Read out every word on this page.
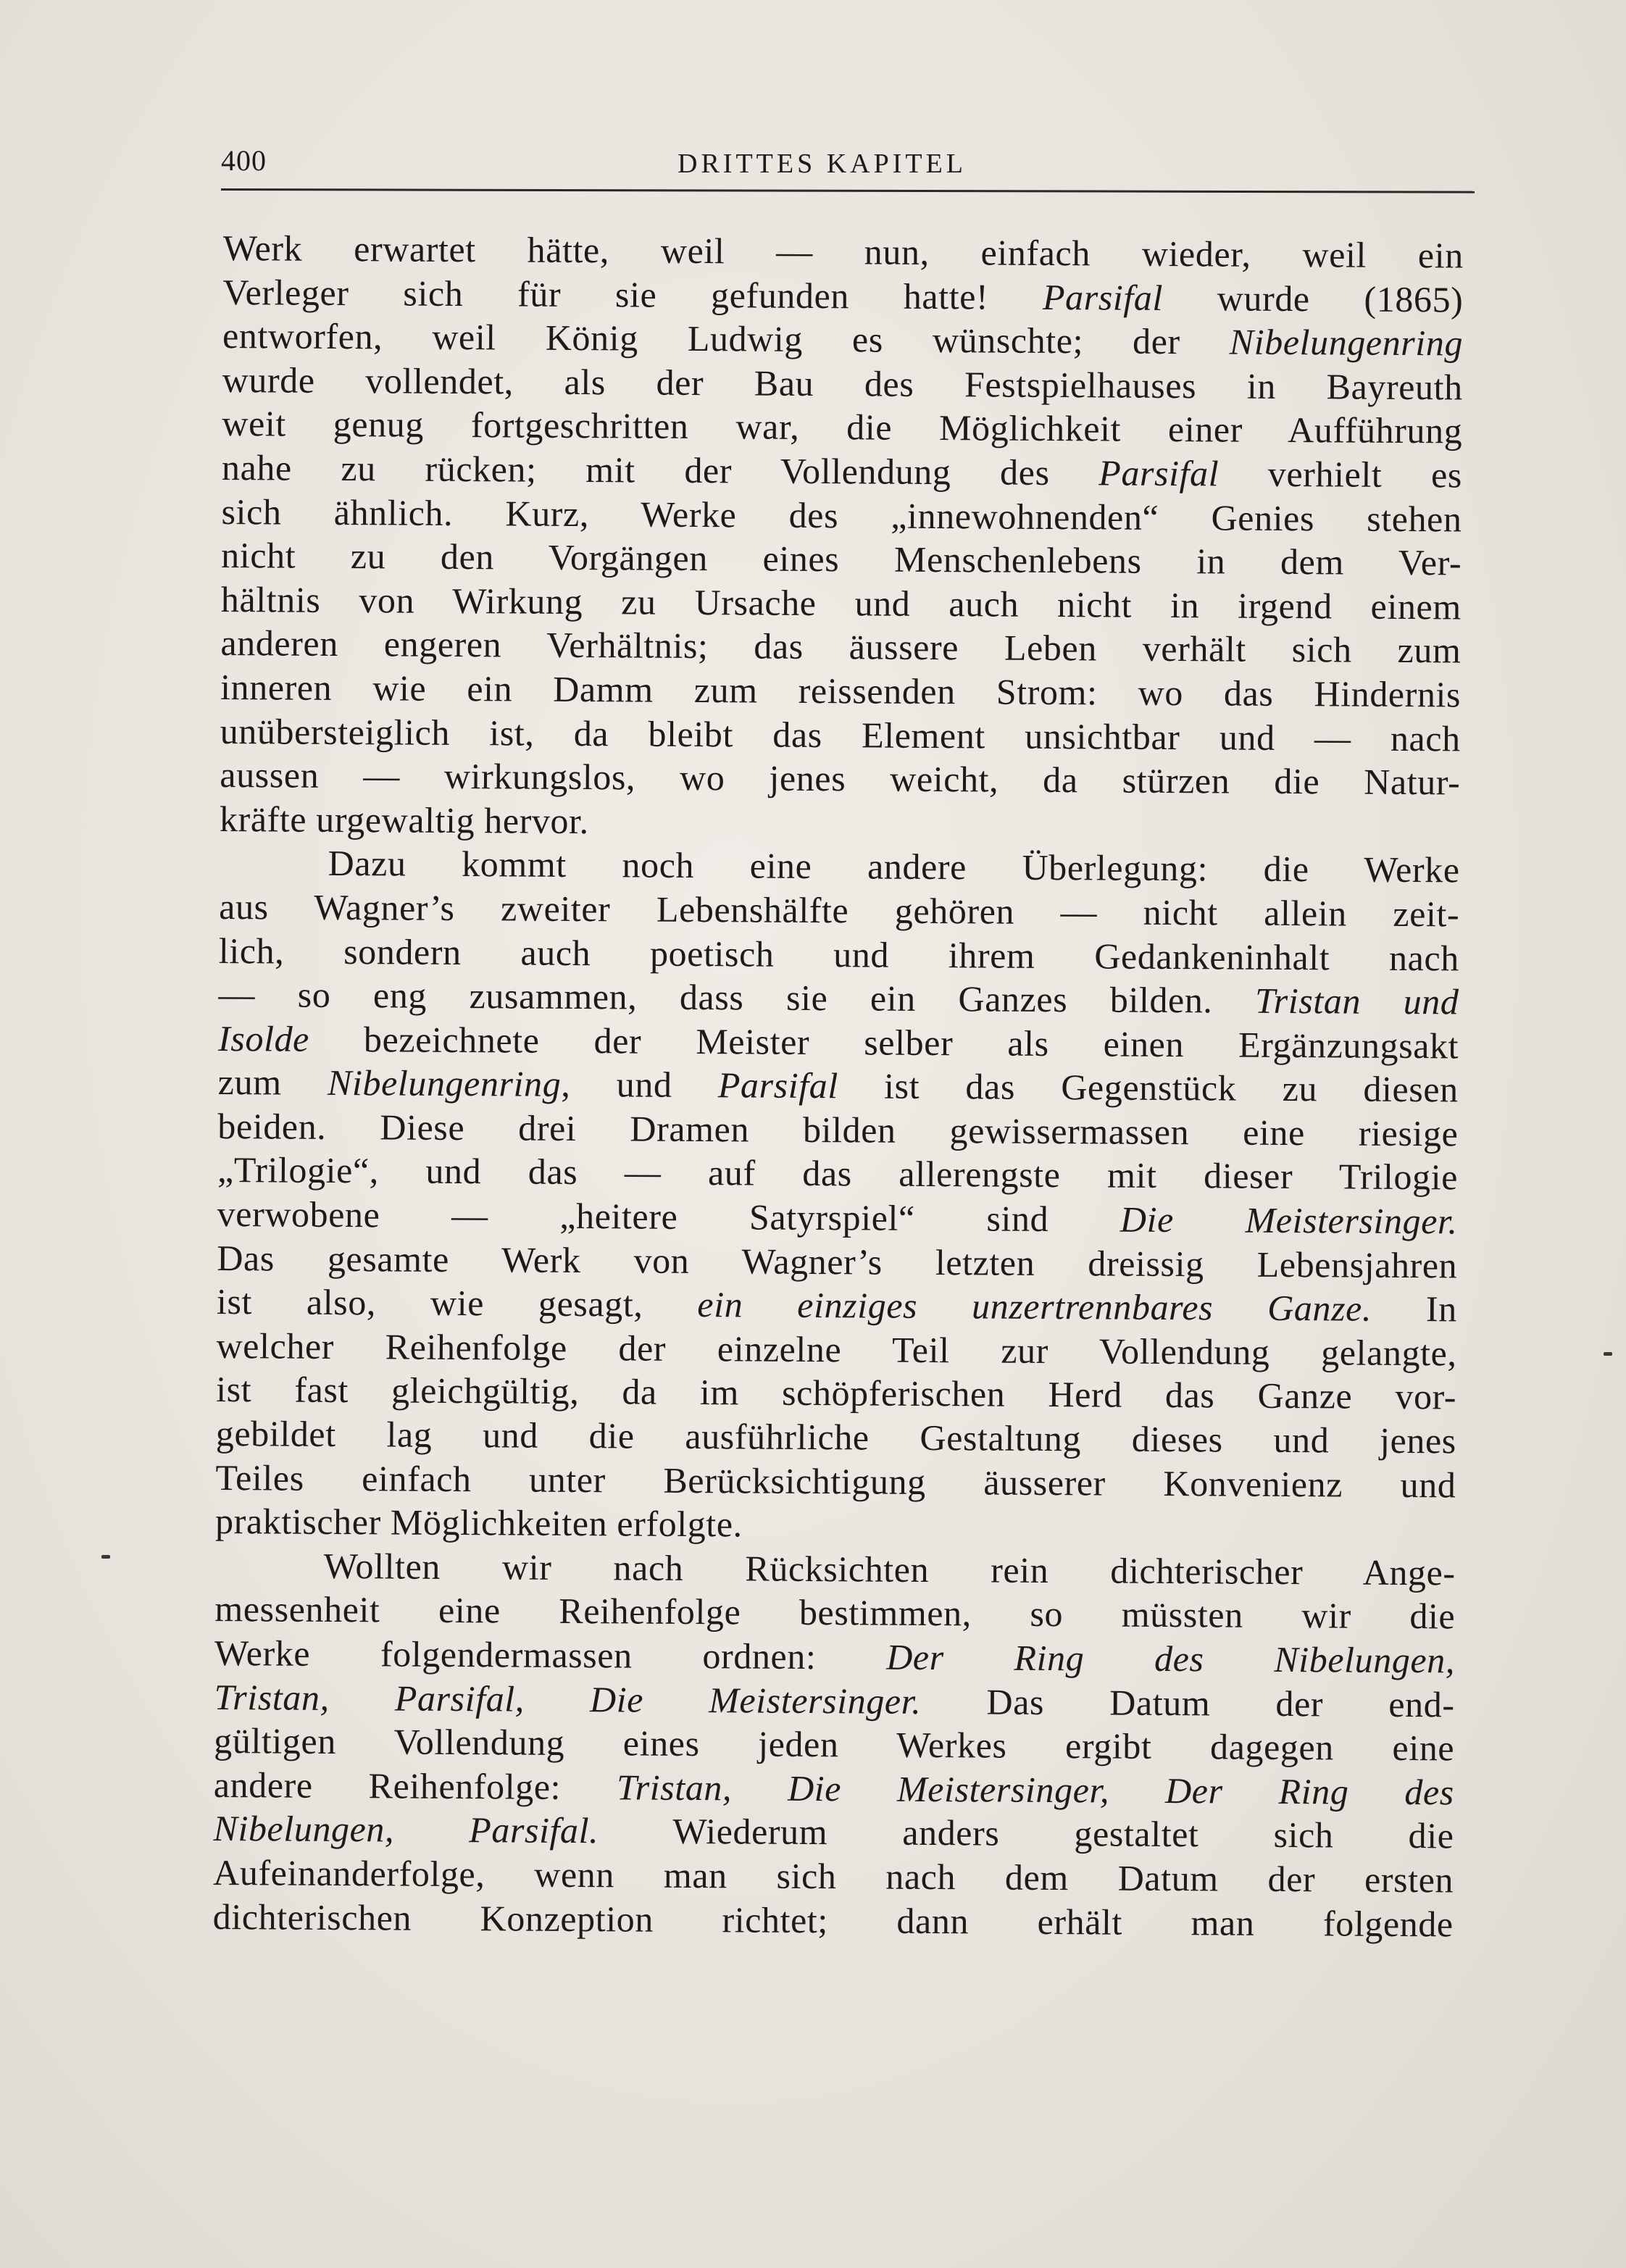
400	DRITTES KAPITEL
Werk erwartet hätte, weil — nun, einfach wieder, weil ein
Verleger sich für sie gefunden hatte! Parsifal wurde (1865)
entworfen, weil König Ludwig es wünschte; der Nibelungenring
wurde vollendet, als der Bau des Festspielhauses in Bayreuth
weit genug fortgeschritten war, die Möglichkeit einer Aufführung
nahe zu rücken; mit der Vollendung des Parsifal verhielt es
sich ähnlich. Kurz, Werke des „innewohnenden“ Genies stehen
nicht zu den Vorgängen eines Menschenlebens in dem Ver-
hältnis von Wirkung zu Ursache und auch nicht in irgend einem
anderen engeren Verhältnis; das äussere Leben verhält sich zum
inneren wie ein Damm zum reissenden Strom: wo das Hindernis
unübersteiglich ist, da bleibt das Element unsichtbar und — nach
aussen — wirkungslos, wo jenes weicht, da stürzen die Natur-
kräfte urgewaltig hervor.
Dazu kommt noch eine andere Überlegung: die Werke
aus Wagner’s zweiter Lebenshälfte gehören — nicht allein zeit-
lich, sondern auch poetisch und ihrem Gedankeninhalt nach
— so eng zusammen, dass sie ein Ganzes bilden. Tristan und
Isolde bezeichnete der Meister selber als einen Ergänzungsakt
zum Nibelungenring, und Parsifal ist das Gegenstück zu diesen
beiden. Diese drei Dramen bilden gewissermassen eine riesige
„Trilogie“, und das — auf das allerengste mit dieser Trilogie
verwobene — „heitere Satyrspiel“ sind Die Meistersinger.
Das gesamte Werk von Wagner’s letzten dreissig Lebensjahren
ist also, wie gesagt, ein einziges unzertrennbares Ganze. In
welcher Reihenfolge der einzelne Teil zur Vollendung gelangte,
ist fast gleichgültig, da im schöpferischen Herd das Ganze vor-
gebildet lag und die ausführliche Gestaltung dieses und jenes
Teiles einfach unter Berücksichtigung äusserer Konvenienz und
praktischer Möglichkeiten erfolgte.
Wollten wir nach Rücksichten rein dichterischer Ange-
messenheit eine Reihenfolge bestimmen, so müssten wir die
Werke folgendermassen ordnen: Der Ring des Nibelungen,
Tristan, Parsifal, Die Meistersinger. Das Datum der end-
gültigen Vollendung eines jeden Werkes ergibt dagegen eine
andere Reihenfolge: Tristan, Die Meistersinger, Der Ring des
Nibelungen, Parsifal. Wiederum anders gestaltet sich die
Aufeinanderfolge, wenn man sich nach dem Datum der ersten
dichterischen Konzeption richtet; dann erhält man folgende
